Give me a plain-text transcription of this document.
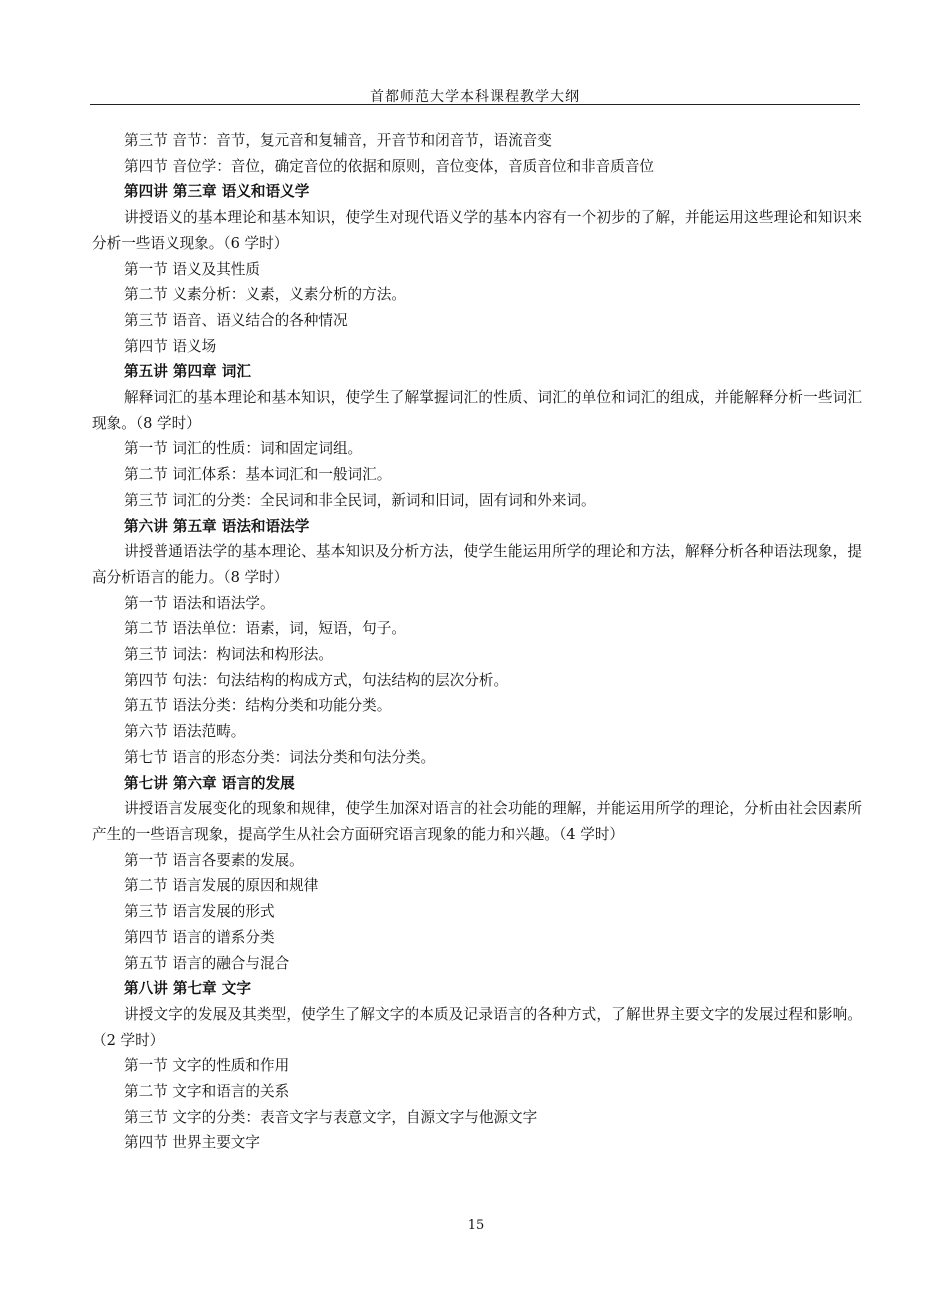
首都师范大学本科课程教学大纲
第三节 音节：音节，复元音和复辅音，开音节和闭音节，语流音变
第四节 音位学：音位，确定音位的依据和原则，音位变体，音质音位和非音质音位
第四讲 第三章 语义和语义学
讲授语义的基本理论和基本知识，使学生对现代语义学的基本内容有一个初步的了解，并能运用这些理论和知识来分析一些语义现象。（6 学时）
第一节 语义及其性质
第二节 义素分析：义素，义素分析的方法。
第三节 语音、语义结合的各种情况
第四节 语义场
第五讲 第四章 词汇
解释词汇的基本理论和基本知识，使学生了解掌握词汇的性质、词汇的单位和词汇的组成，并能解释分析一些词汇现象。（8 学时）
第一节 词汇的性质：词和固定词组。
第二节 词汇体系：基本词汇和一般词汇。
第三节 词汇的分类：全民词和非全民词，新词和旧词，固有词和外来词。
第六讲 第五章 语法和语法学
讲授普通语法学的基本理论、基本知识及分析方法，使学生能运用所学的理论和方法，解释分析各种语法现象，提高分析语言的能力。（8 学时）
第一节 语法和语法学。
第二节 语法单位：语素，词，短语，句子。
第三节 词法：构词法和构形法。
第四节 句法：句法结构的构成方式，句法结构的层次分析。
第五节 语法分类：结构分类和功能分类。
第六节 语法范畴。
第七节 语言的形态分类：词法分类和句法分类。
第七讲 第六章 语言的发展
讲授语言发展变化的现象和规律，使学生加深对语言的社会功能的理解，并能运用所学的理论，分析由社会因素所产生的一些语言现象，提高学生从社会方面研究语言现象的能力和兴趣。（4 学时）
第一节 语言各要素的发展。
第二节 语言发展的原因和规律
第三节 语言发展的形式
第四节 语言的谱系分类
第五节 语言的融合与混合
第八讲 第七章 文字
讲授文字的发展及其类型，使学生了解文字的本质及记录语言的各种方式，了解世界主要文字的发展过程和影响。（2 学时）
第一节 文字的性质和作用
第二节 文字和语言的关系
第三节 文字的分类：表音文字与表意文字，自源文字与他源文字
第四节 世界主要文字
15
